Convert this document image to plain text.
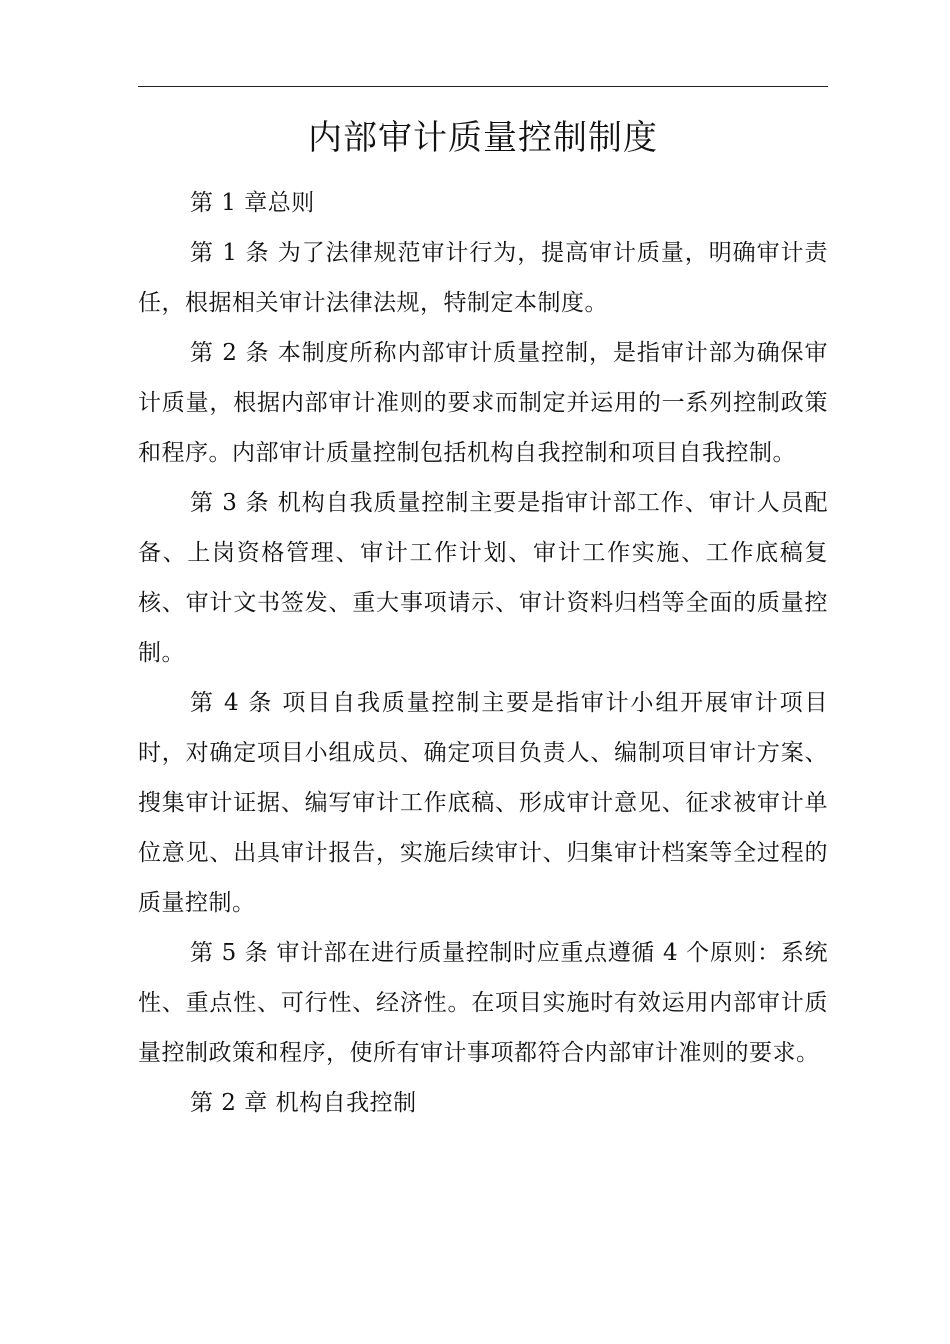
内部审计质量控制制度

第 1 章总则

第 1 条 为了法律规范审计行为，提高审计质量，明确审计责任，根据相关审计法律法规，特制定本制度。

第 2 条 本制度所称内部审计质量控制，是指审计部为确保审计质量，根据内部审计准则的要求而制定并运用的一系列控制政策和程序。内部审计质量控制包括机构自我控制和项目自我控制。

第 3 条 机构自我质量控制主要是指审计部工作、审计人员配备、上岗资格管理、审计工作计划、审计工作实施、工作底稿复核、审计文书签发、重大事项请示、审计资料归档等全面的质量控制。

第 4 条 项目自我质量控制主要是指审计小组开展审计项目时，对确定项目小组成员、确定项目负责人、编制项目审计方案、搜集审计证据、编写审计工作底稿、形成审计意见、征求被审计单位意见、出具审计报告，实施后续审计、归集审计档案等全过程的质量控制。

第 5 条 审计部在进行质量控制时应重点遵循 4 个原则：系统性、重点性、可行性、经济性。在项目实施时有效运用内部审计质量控制政策和程序，使所有审计事项都符合内部审计准则的要求。

第 2 章 机构自我控制
